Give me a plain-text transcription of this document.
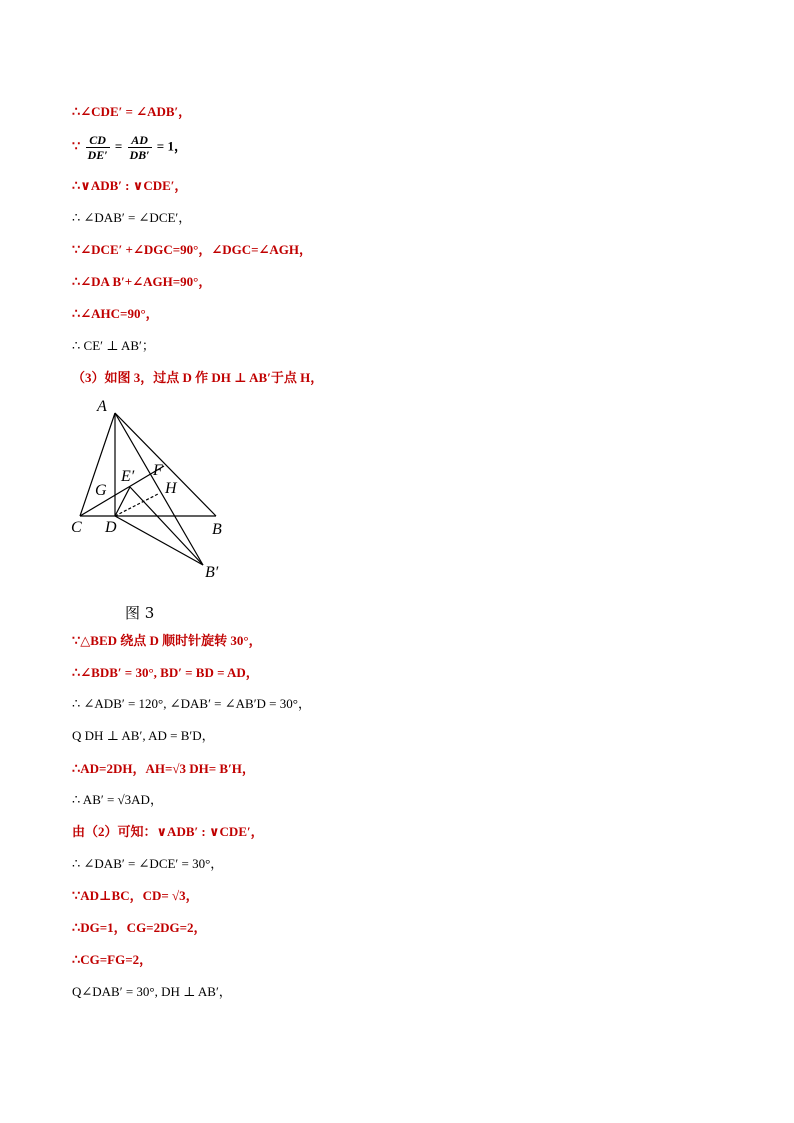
∴∠CDE′ = ∠ADB′，
∵ $\frac{CD}{DE'} = \frac{AD}{DB'} = 1$，
∴∨ADB′ : ∨CDE′，
∴ ∠DAB′ = ∠DCE′，
∵∠DCE′ +∠DGC=90°，∠DGC=∠AGH，
∴∠DA B′+∠AGH=90°，
∴∠AHC=90°，
∴ CE′ ⊥ AB′；
（3）如图 3，过点 D 作 DH ⊥ AB′于点 H，
A
B
C D
G
E′ F
H
B′
图 3
∵△BED 绕点 D 顺时针旋转 30°，
∴∠BDB′ = 30°, BD′ = BD = AD，
∴ ∠ADB′ = 120°, ∠DAB′ = ∠AB′D = 30°，
Q DH ⊥ AB′, AD = B′D，
∴AD=2DH，AH=√3 DH= B′H，
∴ AB′ = √3AD，
由（2）可知：∨ADB′ : ∨CDE′，
∴ ∠DAB′ = ∠DCE′ = 30°，
∵AD⊥BC，CD= √3，
∴DG=1，CG=2DG=2，
∴CG=FG=2，
Q∠DAB′ = 30°, DH ⊥ AB′，
